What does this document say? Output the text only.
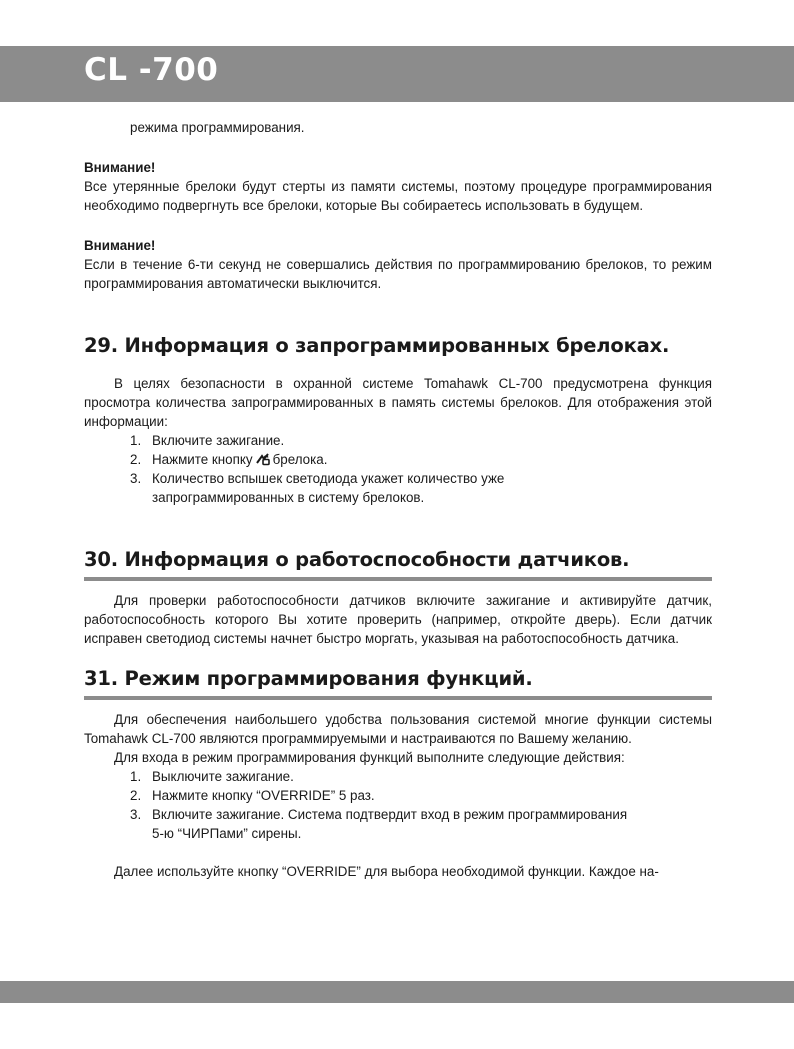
CL -700

режима программирования.

Внимание!

Все утерянные брелоки будут стерты из памяти системы, поэтому процедуре программирования необходимо подвергнуть все брелоки, которые Вы собираетесь использовать в будущем.

Внимание!

Если в течение 6-ти секунд не совершались действия по программированию брелоков, то режим программирования автоматически выключится.

29. Информация о запрограммированных брелоках.

В целях безопасности в охранной системе Tomahawk CL-700 предусмотрена функция просмотра количества запрограммированных в память системы брелоков. Для отображения этой информации:

1. Включите зажигание.
2. Нажмите кнопку брелока.
3. Количество вспышек светодиода укажет количество уже
запрограммированных в систему брелоков.
30. Информация о работоспособности датчиков.

Для проверки работоспособности датчиков включите зажигание и активируйте датчик, работоспособность которого Вы хотите проверить (например, откройте дверь). Если датчик исправен светодиод системы начнет быстро моргать, указывая на работоспособность датчика.

31. Режим программирования функций.

Для обеспечения наибольшего удобства пользования системой многие функции системы Tomahawk CL-700 являются программируемыми и настраиваются по Вашему желанию.

Для входа в режим программирования функций выполните следующие действия:

1. Выключите зажигание.
2. Нажмите кнопку “OVERRIDE” 5 раз.
3. Включите зажигание. Система подтвердит вход в режим программирования
5-ю “ЧИРПами” сирены.

Далее используйте кнопку “OVERRIDE” для выбора необходимой функции. Каждое на-
